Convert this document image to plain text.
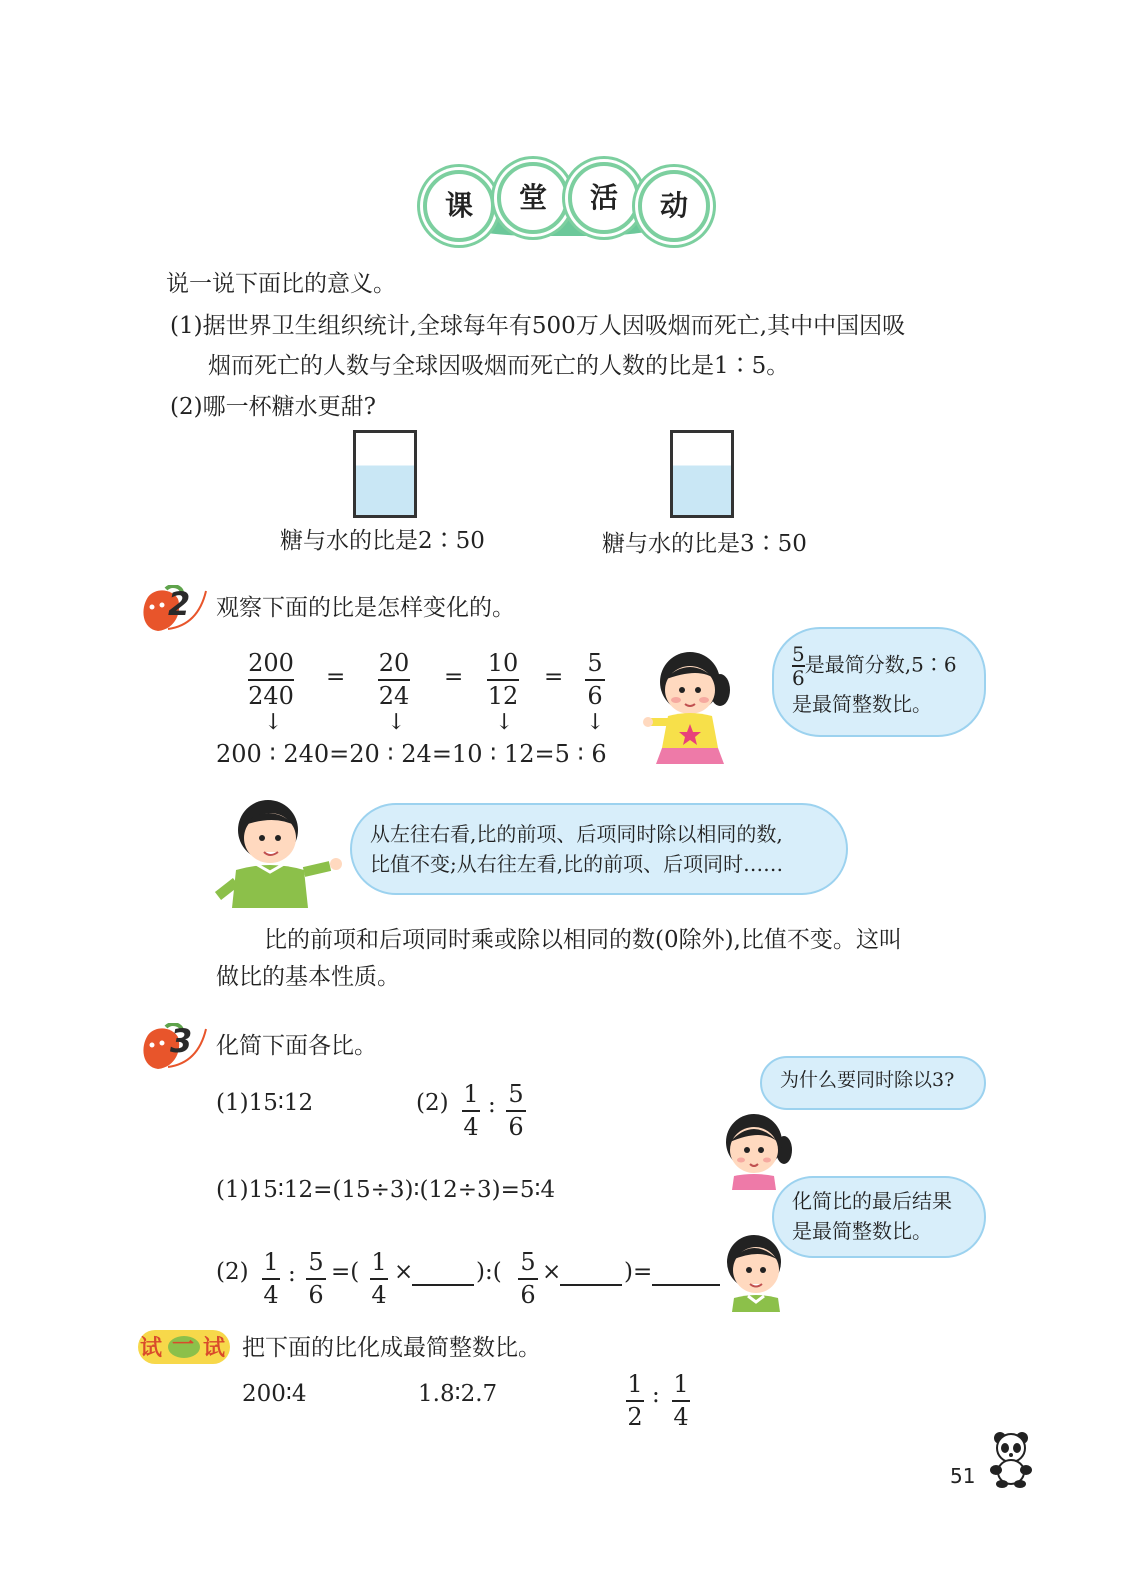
课	堂	活	动
说一说下面比的意义。
(1)据世界卫生组织统计,全球每年有500万人因吸烟而死亡,其中中国因吸
烟而死亡的人数与全球因吸烟而死亡的人数的比是1∶5。
(2)哪一杯糖水更甜?
糖与水的比是2∶50	糖与水的比是3∶50
2 观察下面的比是怎样变化的。
200
240
= 20
24
= 10
12
= 5
6
↓	↓	↓	↓
200 ∶ 240=20 ∶ 24=10 ∶ 12=5 ∶ 6
$\frac{5}{6}$ 是最简分数,5∶6
是最简整数比。
从左往右看,比的前项、后项同时除以相同的数,
比值不变;从右往左看,比的前项、后项同时……
比的前项和后项同时乘或除以相同的数(0除外),比值不变。这叫
做比的基本性质。
3 化简下面各比。
(1)15∶12	(2) 1
4
: 5
6
为什么要同时除以3?
(1)15∶12=(15÷3)∶(12÷3)=5∶4	化简比的最后结果
是最简整数比。
(2) 1
4
: 5
6
=( 1
4
×	):( 5
6
×	)=
试 一 试 把下面的比化成最简整数比。
200∶4	1.8∶2.7	1
2
: 1
4
51
